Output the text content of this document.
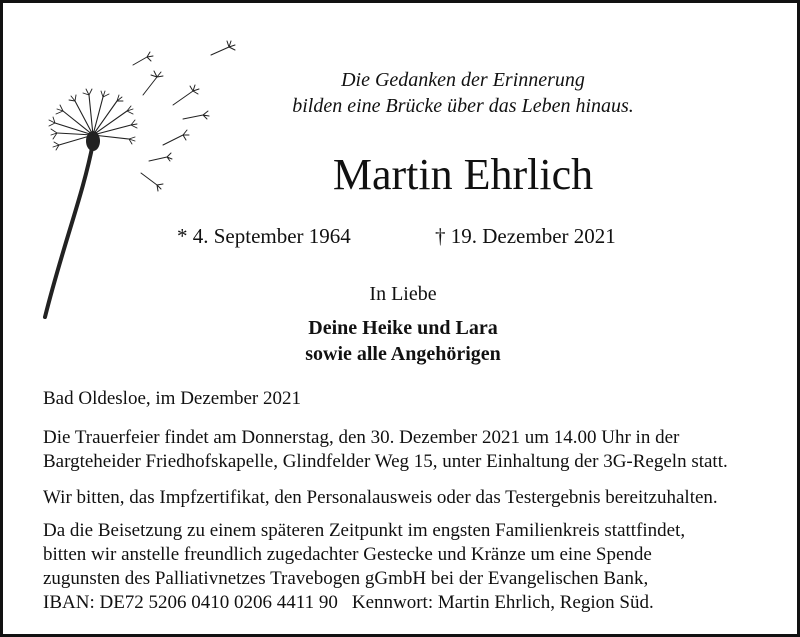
Die Gedanken der Erinnerung
bilden eine Brücke über das Leben hinaus.
Martin Ehrlich
* 4. September 1964	† 19. Dezember 2021
In Liebe
Deine Heike und Lara
sowie alle Angehörigen
Bad Oldesloe, im Dezember 2021
Die Trauerfeier findet am Donnerstag, den 30. Dezember 2021 um 14.00 Uhr in der
Bargteheider Friedhofskapelle, Glindfelder Weg 15, unter Einhaltung der 3G-Regeln statt.
Wir bitten, das Impfzertifikat, den Personalausweis oder das Testergebnis bereitzuhalten.
Da die Beisetzung zu einem späteren Zeitpunkt im engsten Familienkreis stattfindet,
bitten wir anstelle freundlich zugedachter Gestecke und Kränze um eine Spende
zugunsten des Palliativnetzes Travebogen gGmbH bei der Evangelischen Bank,
IBAN: DE72 5206 0410 0206 4411 90 Kennwort: Martin Ehrlich, Region Süd.
